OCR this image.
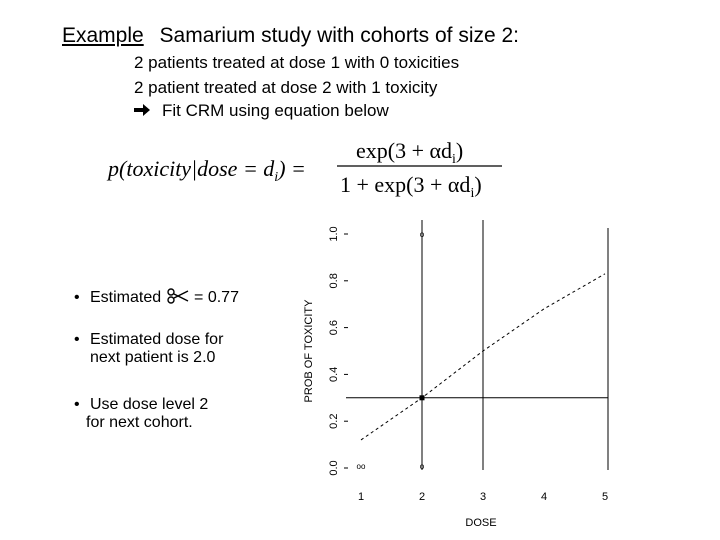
Example Samarium study with cohorts of size 2:
2 patients treated at dose 1 with 0 toxicities
2 patient treated at dose 2 with 1 toxicity
Fit CRM using equation below
p(toxicity|dose = $d_i$) =
$\exp(3 + \alpha d_i)$
$1 + \exp(3 + \alpha d_i)$
• Estimated = 0.77
• Estimated dose for
next patient is 2.0
• Use dose level 2
for next cohort.
0.0
0.2
0.4
0.6
0.8
1.0
1	2	3	4	5
PROB OF TOXICITY
DOSE
oo	o
o
